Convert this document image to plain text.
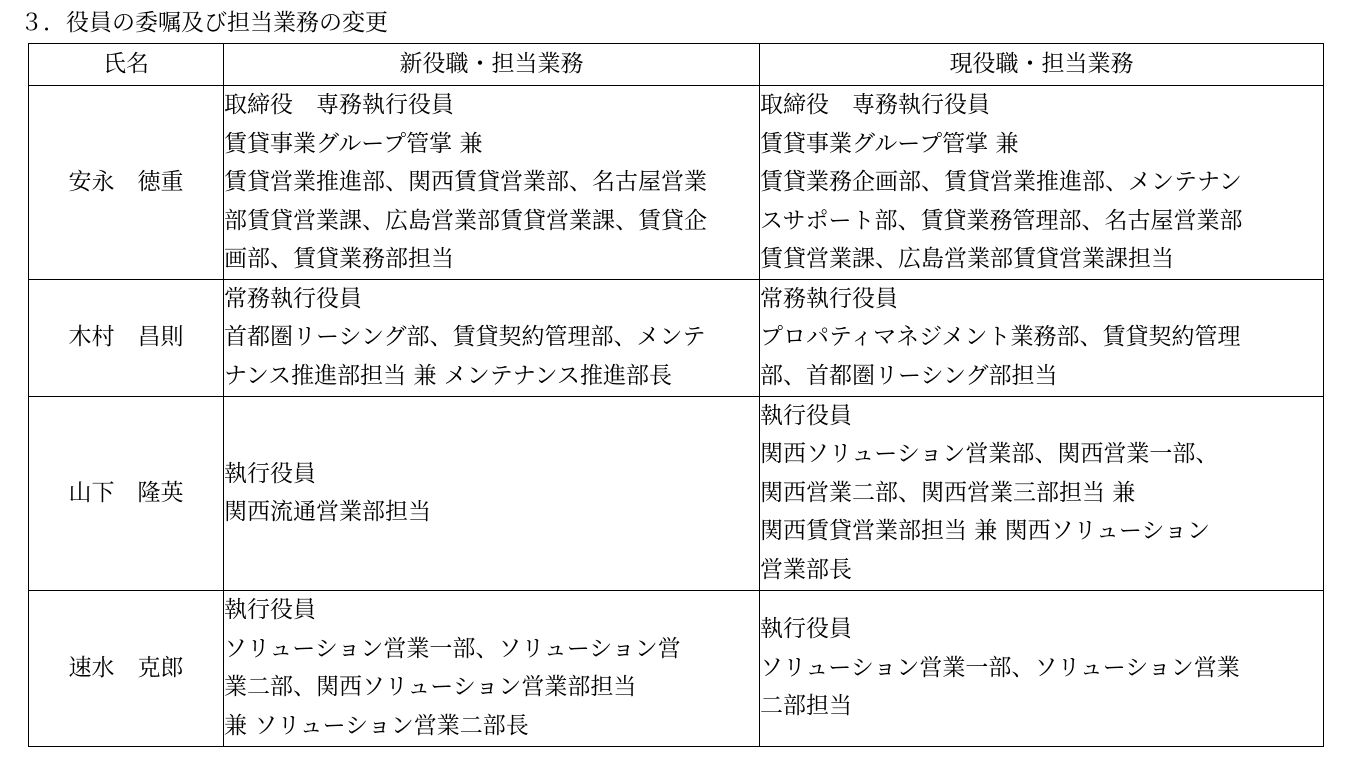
３．役員の委嘱及び担当業務の変更
氏名	新役職・担当業務	現役職・担当業務
安永　徳重	取締役　専務執行役員
賃貸事業グループ管掌 兼
賃貸営業推進部、関西賃貸営業部、名古屋営業
部賃貸営業課、広島営業部賃貸営業課、賃貸企
画部、賃貸業務部担当	取締役　専務執行役員
賃貸事業グループ管掌 兼
賃貸業務企画部、賃貸営業推進部、メンテナン
スサポート部、賃貸業務管理部、名古屋営業部
賃貸営業課、広島営業部賃貸営業課担当

木村　昌則	常務執行役員
首都圏リーシング部、賃貸契約管理部、メンテ
ナンス推進部担当 兼 メンテナンス推進部長	常務執行役員
プロパティマネジメント業務部、賃貸契約管理
部、首都圏リーシング部担当

山下　隆英	執行役員
関西流通営業部担当	執行役員
関西ソリューション営業部、関西営業一部、
関西営業二部、関西営業三部担当 兼
関西賃貸営業部担当 兼 関西ソリューション
営業部長

速水　克郎	執行役員
ソリューション営業一部、ソリューション営
業二部、関西ソリューション営業部担当
兼 ソリューション営業二部長	執行役員
ソリューション営業一部、ソリューション営業
二部担当
